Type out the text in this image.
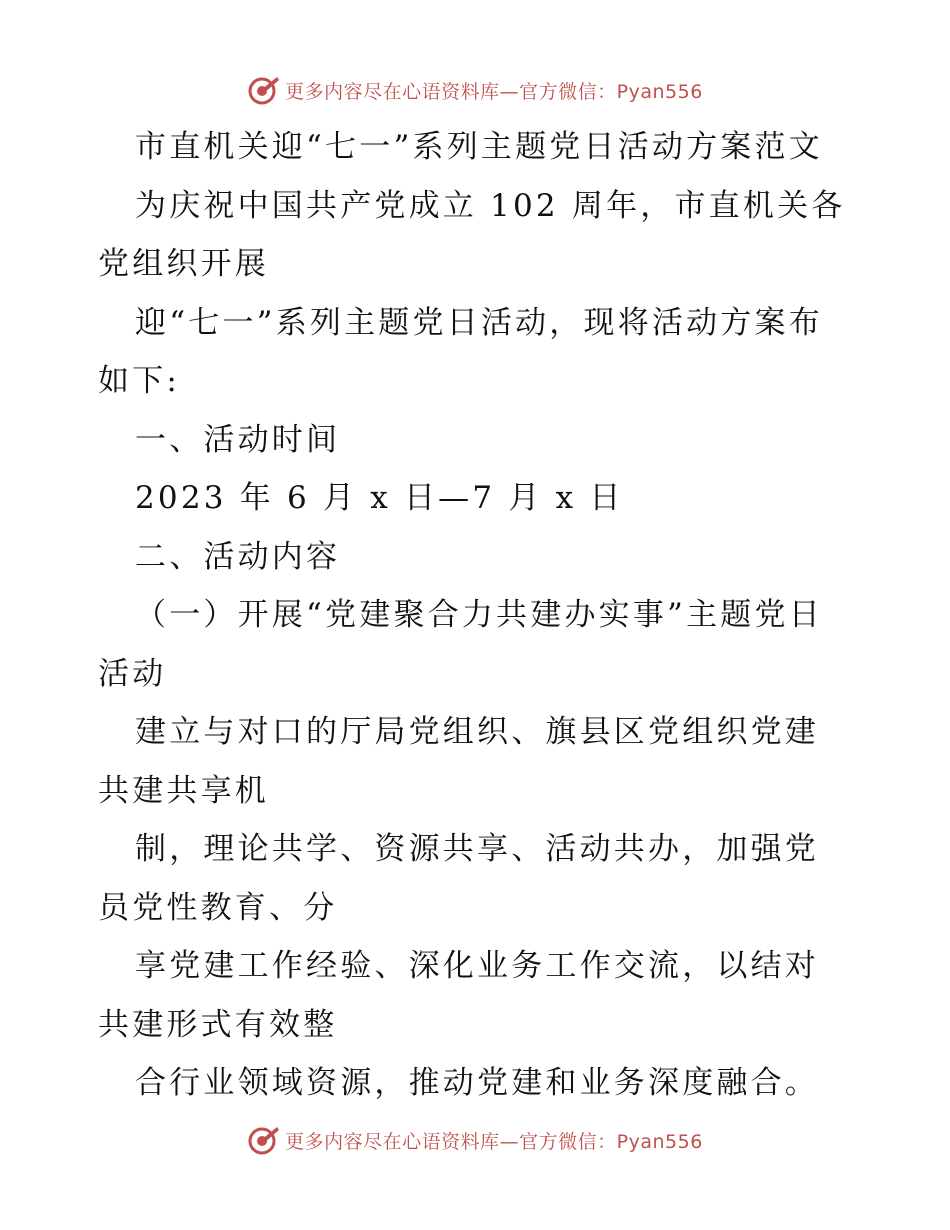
更多内容尽在心语资料库—官方微信：Pyan556

市直机关迎“七一”系列主题党日活动方案范文

为庆祝中国共产党成立 102 周年，市直机关各党组织开展

迎“七一”系列主题党日活动，现将活动方案布如下:

一、活动时间

2023 年 6 月 x 日—7 月 x 日

二、活动内容

（一）开展“党建聚合力共建办实事”主题党日活动

建立与对口的厅局党组织、旗县区党组织党建共建共享机

制，理论共学、资源共享、活动共办，加强党员党性教育、分

享党建工作经验、深化业务工作交流，以结对共建形式有效整

合行业领域资源，推动党建和业务深度融合。

更多内容尽在心语资料库—官方微信：Pyan556
